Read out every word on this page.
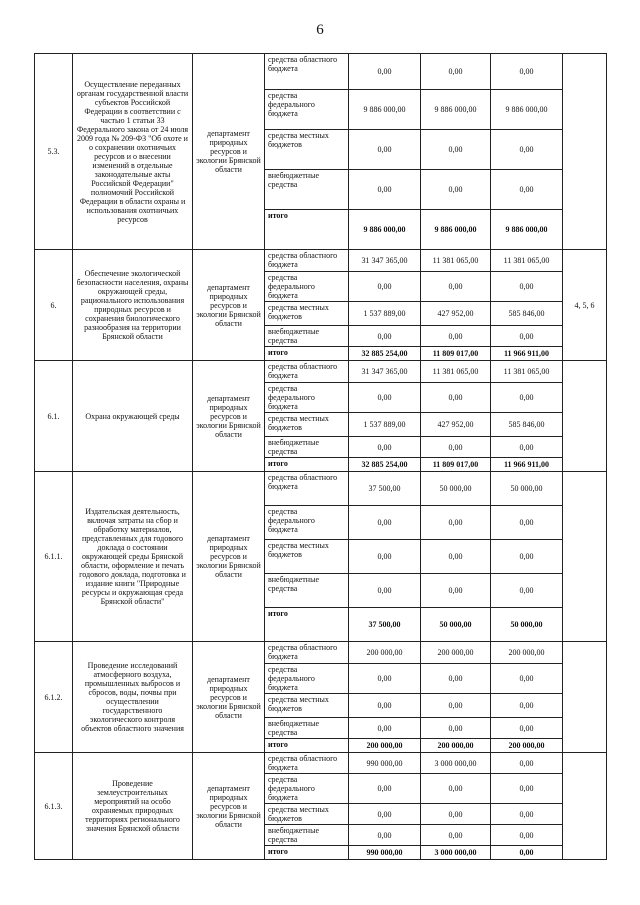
6
5.3.	Осуществление переданных органам государственной власти субъектов Российской Федерации в соответствии с частью 1 статьи 33 Федерального закона от 24 июля 2009 года № 209-ФЗ "Об охоте и о сохранении охотничьих ресурсов и о внесении изменений в отдельные законодательные акты Российской Федерации" полномочий Российской Федерации в области охраны и использования охотничьих ресурсов	департамент природных ресурсов и экологии Брянской области	средства областного бюджета	0,00	0,00	0,00	
			средства федерального бюджета	9 886 000,00	9 886 000,00	9 886 000,00	
			средства местных бюджетов	0,00	0,00	0,00	
			внебюджетные средства	0,00	0,00	0,00	
			итого	9 886 000,00	9 886 000,00	9 886 000,00	
6.	Обеспечение экологической безопасности населения, охраны окружающей среды, рационального использования природных ресурсов и сохранения биологического разнообразия на территории Брянской области	департамент природных ресурсов и экологии Брянской области	средства областного бюджета	31 347 365,00	11 381 065,00	11 381 065,00	4, 5, 6
			средства федерального бюджета	0,00	0,00	0,00	
			средства местных бюджетов	1 537 889,00	427 952,00	585 846,00	
			внебюджетные средства	0,00	0,00	0,00	
			итого	32 885 254,00	11 809 017,00	11 966 911,00	
6.1.	Охрана окружающей среды	департамент природных ресурсов и экологии Брянской области	средства областного бюджета	31 347 365,00	11 381 065,00	11 381 065,00	
			средства федерального бюджета	0,00	0,00	0,00	
			средства местных бюджетов	1 537 889,00	427 952,00	585 846,00	
			внебюджетные средства	0,00	0,00	0,00	
			итого	32 885 254,00	11 809 017,00	11 966 911,00	
6.1.1.	Издательская деятельность, включая затраты на сбор и обработку материалов, представленных для годового доклада о состоянии окружающей среды Брянской области, оформление и печать годового доклада, подготовка и издание книги "Природные ресурсы и окружающая среда Брянской области"	департамент природных ресурсов и экологии Брянской области	средства областного бюджета	37 500,00	50 000,00	50 000,00	
			средства федерального бюджета	0,00	0,00	0,00	
			средства местных бюджетов	0,00	0,00	0,00	
			внебюджетные средства	0,00	0,00	0,00	
			итого	37 500,00	50 000,00	50 000,00	
6.1.2.	Проведение исследований атмосферного воздуха, промышленных выбросов и сбросов, воды, почвы при осуществлении государственного экологического контроля объектов областного значения	департамент природных ресурсов и экологии Брянской области	средства областного бюджета	200 000,00	200 000,00	200 000,00	
			средства федерального бюджета	0,00	0,00	0,00	
			средства местных бюджетов	0,00	0,00	0,00	
			внебюджетные средства	0,00	0,00	0,00	
			итого	200 000,00	200 000,00	200 000,00	
6.1.3.	Проведение землеустроительных мероприятий на особо охраняемых природных территориях регионального значения Брянской области	департамент природных ресурсов и экологии Брянской области	средства областного бюджета	990 000,00	3 000 000,00	0,00	
			средства федерального бюджета	0,00	0,00	0,00	
			средства местных бюджетов	0,00	0,00	0,00	
			внебюджетные средства	0,00	0,00	0,00	
			итого	990 000,00	3 000 000,00	0,00	
